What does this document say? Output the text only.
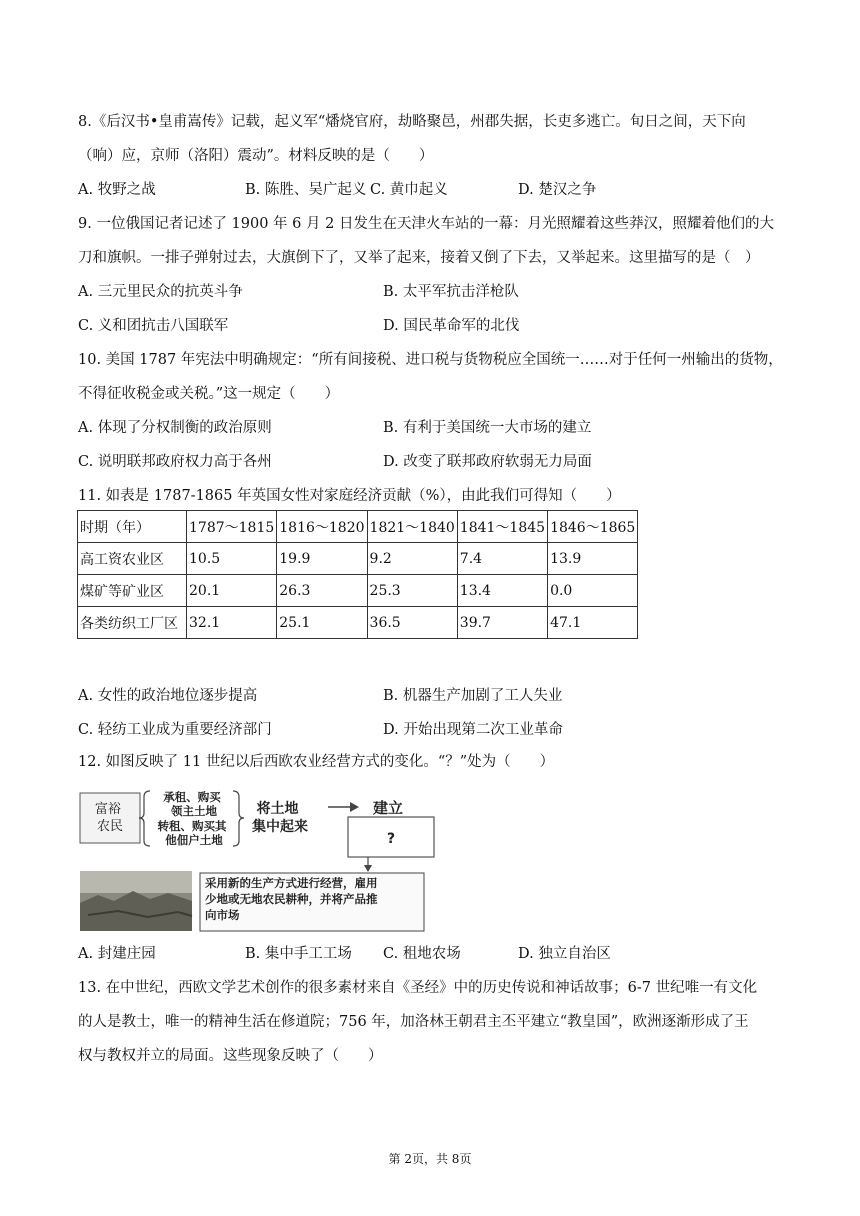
8.《后汉书•皇甫嵩传》记载，起义军“燔烧官府，劫略聚邑，州郡失据，长吏多逃亡。旬日之间，天下向
（响）应，京师（洛阳）震动”。材料反映的是（　　）
A. 牧野之战	B. 陈胜、吴广起义 C. 黄巾起义	D. 楚汉之争
9. 一位俄国记者记述了 1900 年 6 月 2 日发生在天津火车站的一幕：月光照耀着这些莽汉，照耀着他们的大
刀和旗帜。一排子弹射过去，大旗倒下了，又举了起来，接着又倒了下去，又举起来。这里描写的是（　）
A. 三元里民众的抗英斗争	B. 太平军抗击洋枪队
C. 义和团抗击八国联军	D. 国民革命军的北伐
10. 美国 1787 年宪法中明确规定：“所有间接税、进口税与货物税应全国统一……对于任何一州输出的货物，
不得征收税金或关税。”这一规定（　　）
A. 体现了分权制衡的政治原则	B. 有利于美国统一大市场的建立
C. 说明联邦政府权力高于各州	D. 改变了联邦政府软弱无力局面
11. 如表是 1787-1865 年英国女性对家庭经济贡献（%），由此我们可得知（　　）
时期（年）	1787～1815	1816～1820	1821～1840	1841～1845	1846～1865
高工资农业区	10.5	19.9	9.2	7.4	13.9
煤矿等矿业区	20.1	26.3	25.3	13.4	0.0
各类纺织工厂区	32.1	25.1	36.5	39.7	47.1
A. 女性的政治地位逐步提高	B. 机器生产加剧了工人失业
C. 轻纺工业成为重要经济部门	D. 开始出现第二次工业革命
12. 如图反映了 11 世纪以后西欧农业经营方式的变化。“？”处为（　　）
富裕 农民
承租、购买 领主土地
转租、购买其 他佃户土地
将土地 集中起来
建立
?
采用新的生产方式进行经营，雇用 少地或无地农民耕种，并将产品推 向市场
A. 封建庄园	B. 集中手工工场 C. 租地农场	D. 独立自治区
13. 在中世纪，西欧文学艺术创作的很多素材来自《圣经》中的历史传说和神话故事；6-7 世纪唯一有文化
的人是教士，唯一的精神生活在修道院；756 年，加洛林王朝君主丕平建立“教皇国”，欧洲逐渐形成了王
权与教权并立的局面。这些现象反映了（　　）
第 2页，共 8页
